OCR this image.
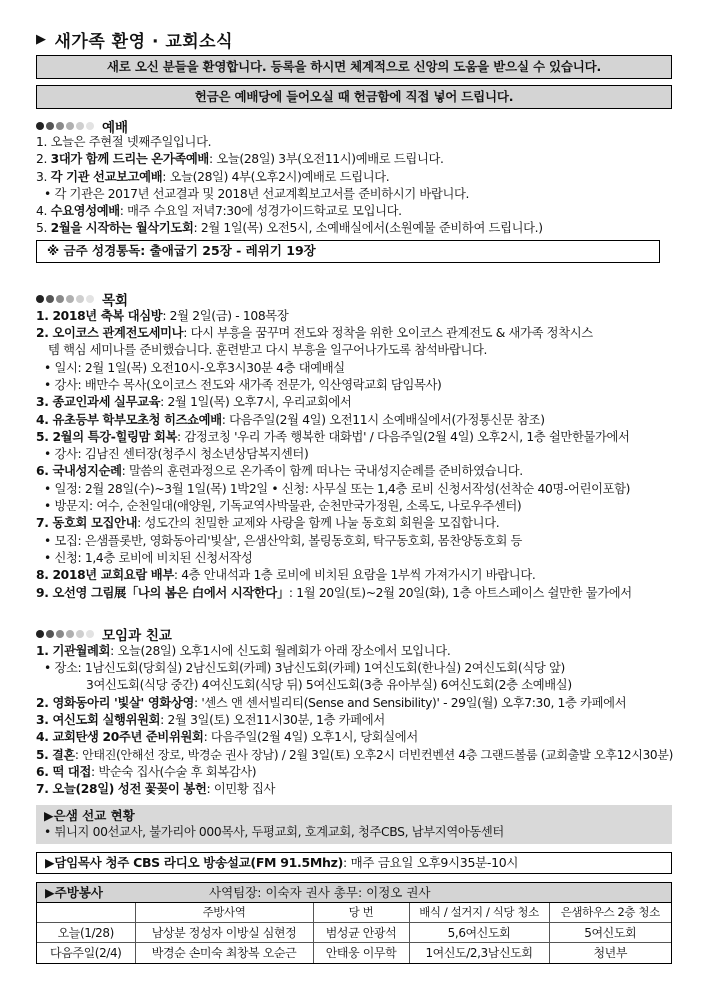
▶ 새가족 환영 · 교회소식
새로 오신 분들을 환영합니다. 등록을 하시면 체계적으로 신앙의 도움을 받으실 수 있습니다.
헌금은 예배당에 들어오실 때 헌금함에 직접 넣어 드립니다.
예배
1. 오늘은 주현절 넷째주일입니다.
2. 3대가 함께 드리는 온가족예배: 오늘(28일) 3부(오전11시)예배로 드립니다.
3. 각 기관 선교보고예배: 오늘(28일) 4부(오후2시)예배로 드립니다.
• 각 기관은 2017년 선교결과 및 2018년 선교계획보고서를 준비하시기 바랍니다.
4. 수요영성예배: 매주 수요일 저녁7:30에 성경가이드학교로 모입니다.
5. 2월을 시작하는 월삭기도회: 2월 1일(목) 오전5시, 소예배실에서(소원예물 준비하여 드립니다.)
※ 금주 성경통독: 출애굽기 25장 - 레위기 19장
목회
1. 2018년 축복 대심방: 2월 2일(금) - 108목장
2. 오이코스 관계전도세미나: 다시 부흥을 꿈꾸며 전도와 정착을 위한 오이코스 관계전도 & 새가족 정착시스
템 핵심 세미나를 준비했습니다. 훈련받고 다시 부흥을 일구어나가도록 참석바랍니다.
• 일시: 2월 1일(목) 오전10시-오후3시30분 4층 대예배실
• 강사: 배만수 목사(오이코스 전도와 새가족 전문가, 익산영락교회 담임목사)
3. 종교인과세 실무교육: 2월 1일(목) 오후7시, 우리교회에서
4. 유초등부 학부모초청 히즈쇼예배: 다음주일(2월 4일) 오전11시 소예배실에서(가정통신문 참조)
5. 2월의 특강-힐링맘 회복: 감정코칭 '우리 가족 행복한 대화법' / 다음주일(2월 4일) 오후2시, 1층 쉴만한물가에서
• 강사: 김남진 센터장(청주시 청소년상담복지센터)
6. 국내성지순례: 말씀의 훈련과정으로 온가족이 함께 떠나는 국내성지순례를 준비하였습니다.
• 일정: 2월 28일(수)~3월 1일(목) 1박2일 • 신청: 사무실 또는 1,4층 로비 신청서작성(선착순 40명-어린이포함)
• 방문지: 여수, 순천일대(애양원, 기독교역사박물관, 순천만국가정원, 소록도, 나로우주센터)
7. 동호회 모집안내: 성도간의 친밀한 교제와 사랑을 함께 나눌 동호회 회원을 모집합니다.
• 모집: 은샘플롯반, 영화동아리'빛살', 은샘산악회, 볼링동호회, 탁구동호회, 몸찬양동호회 등
• 신청: 1,4층 로비에 비치된 신청서작성
8. 2018년 교회요람 배부: 4층 안내석과 1층 로비에 비치된 요람을 1부씩 가져가시기 바랍니다.
9. 오선영 그림展「나의 봄은 白에서 시작한다」: 1월 20일(토)~2월 20일(화), 1층 아트스페이스 쉴만한 물가에서
모임과 친교
1. 기관월례회: 오늘(28일) 오후1시에 신도회 월례회가 아래 장소에서 모입니다.
• 장소: 1남신도회(당회실) 2남신도회(카페) 3남신도회(카페) 1여신도회(한나실) 2여신도회(식당 앞)
3여신도회(식당 중간) 4여신도회(식당 뒤) 5여신도회(3층 유아부실) 6여신도회(2층 소예배실)
2. 영화동아리 '빛살' 영화상영: '센스 앤 센서빌리티(Sense and Sensibility)' - 29일(월) 오후7:30, 1층 카페에서
3. 여신도회 실행위원회: 2월 3일(토) 오전11시30분, 1층 카페에서
4. 교회탄생 20주년 준비위원회: 다음주일(2월 4일) 오후1시, 당회실에서
5. 결혼: 안태진(안해선 장로, 박경순 권사 장남) / 2월 3일(토) 오후2시 더빈컨벤션 4층 그랜드볼룸 (교회출발 오후12시30분)
6. 떡 대접: 박순숙 집사(수술 후 회복감사)
7. 오늘(28일) 성전 꽃꽂이 봉헌: 이민황 집사
▶은샘 선교 현황
• 튀니지 00선교사, 불가리아 000목사, 두평교회, 호계교회, 청주CBS, 남부지역아동센터
▶담임목사 청주 CBS 라디오 방송설교(FM 91.5Mhz): 매주 금요일 오후9시35분-10시
▶주방봉사	사역팀장: 이숙자 권사 총무: 이정오 권사
	주방사역	당 번	배식 / 설거지 / 식당 청소	은샘하우스 2층 청소
오늘(1/28)	남상분 정성자 이방실 심현정	범성균 안광석	5,6여신도회	5여신도회
다음주일(2/4)	박경순 손미숙 최창복 오순근	안태웅 이무학	1여신도/2,3남신도회	청년부
